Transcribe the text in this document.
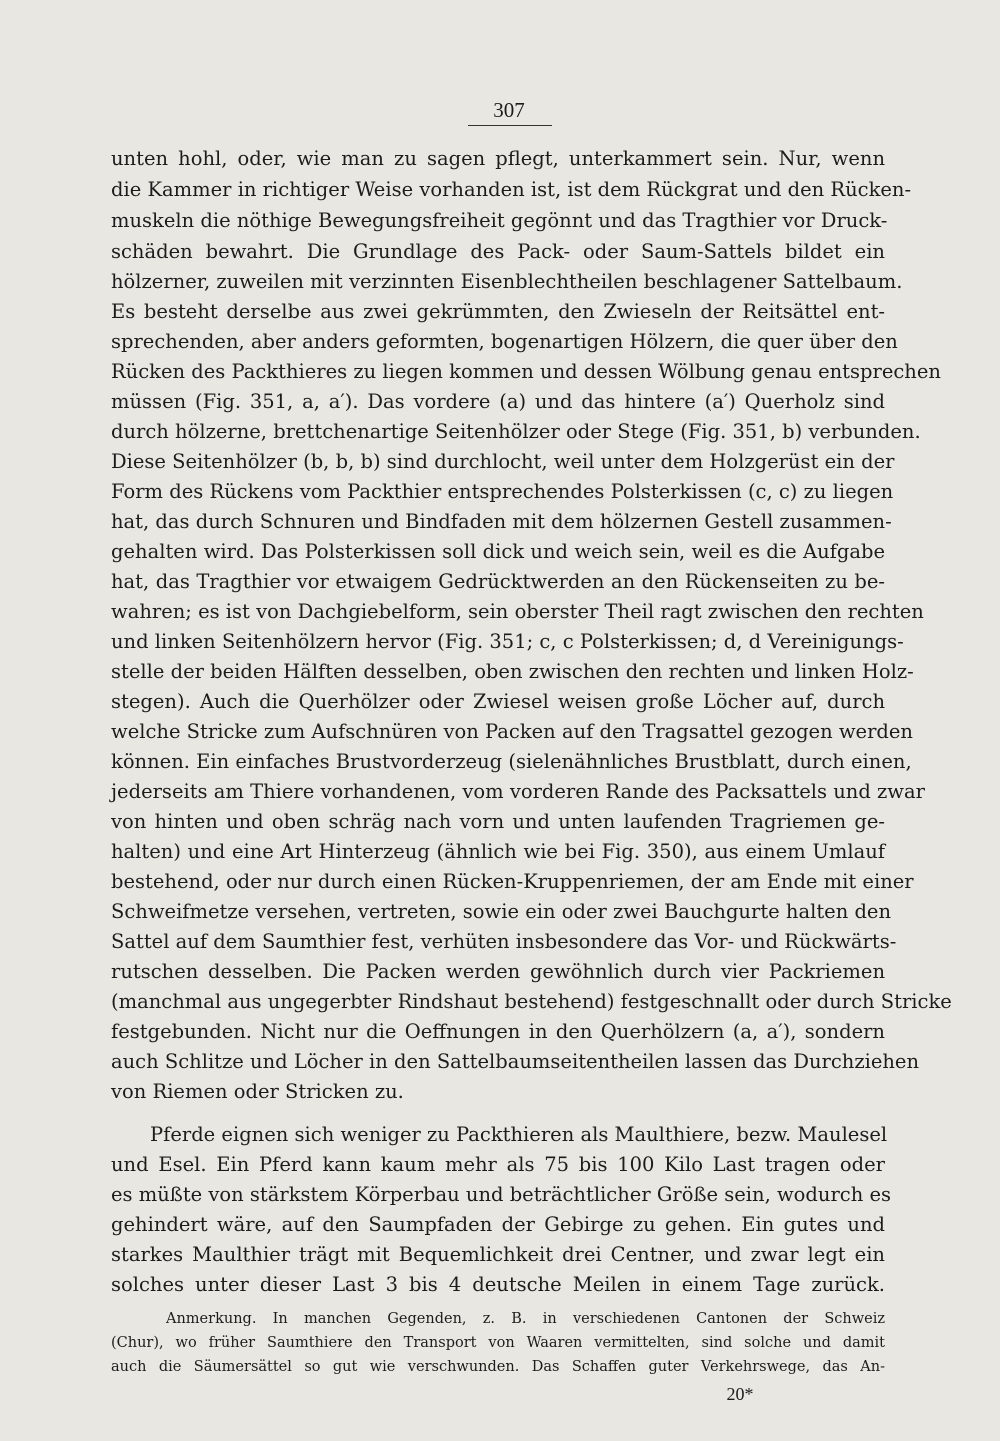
307
unten hohl, oder, wie man zu sagen pflegt, unterkammert sein. Nur, wenn
die Kammer in richtiger Weise vorhanden ist, ist dem Rückgrat und den Rücken-
muskeln die nöthige Bewegungsfreiheit gegönnt und das Tragthier vor Druck-
schäden bewahrt. Die Grundlage des Pack- oder Saum-Sattels bildet ein
hölzerner, zuweilen mit verzinnten Eisenblechtheilen beschlagener Sattelbaum.
Es besteht derselbe aus zwei gekrümmten, den Zwieseln der Reitsättel ent-
sprechenden, aber anders geformten, bogenartigen Hölzern, die quer über den
Rücken des Packthieres zu liegen kommen und dessen Wölbung genau entsprechen
müssen (Fig. 351, a, a′). Das vordere (a) und das hintere (a′) Querholz sind
durch hölzerne, brettchenartige Seitenhölzer oder Stege (Fig. 351, b) verbunden.
Diese Seitenhölzer (b, b, b) sind durchlocht, weil unter dem Holzgerüst ein der
Form des Rückens vom Packthier entsprechendes Polsterkissen (c, c) zu liegen
hat, das durch Schnuren und Bindfaden mit dem hölzernen Gestell zusammen-
gehalten wird. Das Polsterkissen soll dick und weich sein, weil es die Aufgabe
hat, das Tragthier vor etwaigem Gedrücktwerden an den Rückenseiten zu be-
wahren; es ist von Dachgiebelform, sein oberster Theil ragt zwischen den rechten
und linken Seitenhölzern hervor (Fig. 351; c, c Polsterkissen; d, d Vereinigungs-
stelle der beiden Hälften desselben, oben zwischen den rechten und linken Holz-
stegen). Auch die Querhölzer oder Zwiesel weisen große Löcher auf, durch
welche Stricke zum Aufschnüren von Packen auf den Tragsattel gezogen werden
können. Ein einfaches Brustvorderzeug (sielenähnliches Brustblatt, durch einen,
jederseits am Thiere vorhandenen, vom vorderen Rande des Packsattels und zwar
von hinten und oben schräg nach vorn und unten laufenden Tragriemen ge-
halten) und eine Art Hinterzeug (ähnlich wie bei Fig. 350), aus einem Umlauf
bestehend, oder nur durch einen Rücken-Kruppenriemen, der am Ende mit einer
Schweifmetze versehen, vertreten, sowie ein oder zwei Bauchgurte halten den
Sattel auf dem Saumthier fest, verhüten insbesondere das Vor- und Rückwärts-
rutschen desselben. Die Packen werden gewöhnlich durch vier Packriemen
(manchmal aus ungegerbter Rindshaut bestehend) festgeschnallt oder durch Stricke
festgebunden. Nicht nur die Oeffnungen in den Querhölzern (a, a′), sondern
auch Schlitze und Löcher in den Sattelbaumseitentheilen lassen das Durchziehen
von Riemen oder Stricken zu.
Pferde eignen sich weniger zu Packthieren als Maulthiere, bezw. Maulesel
und Esel. Ein Pferd kann kaum mehr als 75 bis 100 Kilo Last tragen oder
es müßte von stärkstem Körperbau und beträchtlicher Größe sein, wodurch es
gehindert wäre, auf den Saumpfaden der Gebirge zu gehen. Ein gutes und
starkes Maulthier trägt mit Bequemlichkeit drei Centner, und zwar legt ein
solches unter dieser Last 3 bis 4 deutsche Meilen in einem Tage zurück.
Anmerkung. In manchen Gegenden, z. B. in verschiedenen Cantonen der Schweiz
(Chur), wo früher Saumthiere den Transport von Waaren vermittelten, sind solche und damit
auch die Säumersättel so gut wie verschwunden. Das Schaffen guter Verkehrswege, das An-
20*
